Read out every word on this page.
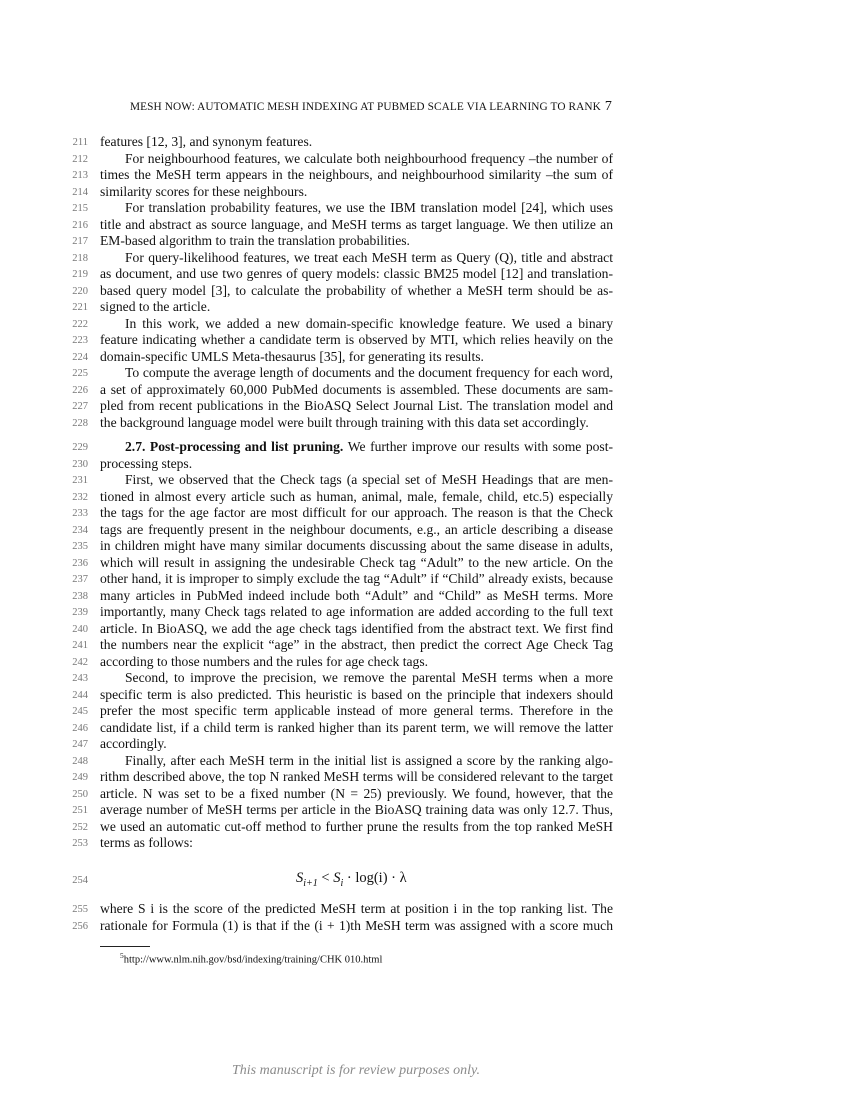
MESH NOW: AUTOMATIC MESH INDEXING AT PUBMED SCALE VIA LEARNING TO RANK 7
211 features [12, 3], and synonym features.
212	For neighbourhood features, we calculate both neighbourhood frequency –the number of
213 times the MeSH term appears in the neighbours, and neighbourhood similarity –the sum of
214 similarity scores for these neighbours.
215	For translation probability features, we use the IBM translation model [24], which uses
216 title and abstract as source language, and MeSH terms as target language. We then utilize an
217 EM-based algorithm to train the translation probabilities.
218	For query-likelihood features, we treat each MeSH term as Query (Q), title and abstract
219 as document, and use two genres of query models: classic BM25 model [12] and translation-
220 based query model [3], to calculate the probability of whether a MeSH term should be as-
221 signed to the article.
222	In this work, we added a new domain-specific knowledge feature. We used a binary
223 feature indicating whether a candidate term is observed by MTI, which relies heavily on the
224 domain-specific UMLS Meta-thesaurus [35], for generating its results.
225	To compute the average length of documents and the document frequency for each word,
226 a set of approximately 60,000 PubMed documents is assembled. These documents are sam-
227 pled from recent publications in the BioASQ Select Journal List. The translation model and
228 the background language model were built through training with this data set accordingly.
229	2.7. Post-processing and list pruning. We further improve our results with some post-
230 processing steps.
231	First, we observed that the Check tags (a special set of MeSH Headings that are men-
232 tioned in almost every article such as human, animal, male, female, child, etc.5) especially
233 the tags for the age factor are most difficult for our approach. The reason is that the Check
234 tags are frequently present in the neighbour documents, e.g., an article describing a disease
235 in children might have many similar documents discussing about the same disease in adults,
236 which will result in assigning the undesirable Check tag “Adult” to the new article. On the
237 other hand, it is improper to simply exclude the tag “Adult” if “Child” already exists, because
238 many articles in PubMed indeed include both “Adult” and “Child” as MeSH terms. More
239 importantly, many Check tags related to age information are added according to the full text
240 article. In BioASQ, we add the age check tags identified from the abstract text. We first find
241 the numbers near the explicit “age” in the abstract, then predict the correct Age Check Tag
242 according to those numbers and the rules for age check tags.
243	Second, to improve the precision, we remove the parental MeSH terms when a more
244 specific term is also predicted. This heuristic is based on the principle that indexers should
245 prefer the most specific term applicable instead of more general terms. Therefore in the
246 candidate list, if a child term is ranked higher than its parent term, we will remove the latter
247 accordingly.
248	Finally, after each MeSH term in the initial list is assigned a score by the ranking algo-
249 rithm described above, the top N ranked MeSH terms will be considered relevant to the target
250 article. N was set to be a fixed number (N = 25) previously. We found, however, that the
251 average number of MeSH terms per article in the BioASQ training data was only 12.7. Thus,
252 we used an automatic cut-off method to further prune the results from the top ranked MeSH
253 terms as follows:
254	$S_{i+1} < S_i \cdot \log(i) \cdot \lambda$
255 where S i is the score of the predicted MeSH term at position i in the top ranking list. The
256 rationale for Formula (1) is that if the (i + 1)th MeSH term was assigned with a score much
$^5$http://www.nlm.nih.gov/bsd/indexing/training/CHK 010.html
This manuscript is for review purposes only.
